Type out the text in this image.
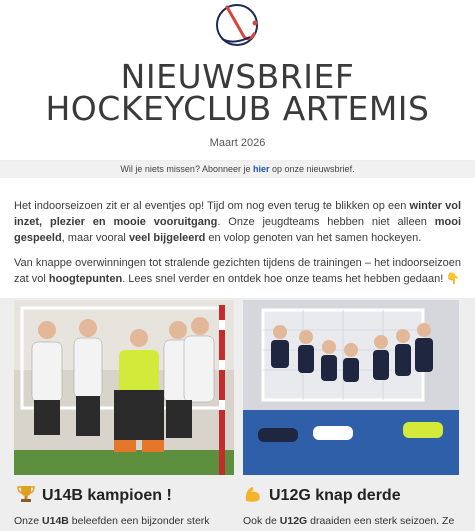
NIEUWSBRIEF
HOCKEYCLUB ARTEMIS
Maart 2026
Wil je niets missen? Abonneer je hier op onze nieuwsbrief.

Het indoorseizoen zit er al eventjes op! Tijd om nog even terug te blikken op een winter vol inzet, plezier en mooie vooruitgang. Onze jeugdteams hebben niet alleen mooi gespeeld, maar vooral veel bijgeleerd en volop genoten van het samen hockeyen.

Van knappe overwinningen tot stralende gezichten tijdens de trainingen – het indoorseizoen zat vol hoogtepunten. Lees snel verder en ontdek hoe onze teams het hebben gedaan! 👇

U14B kampioen !	U12G knap derde
Onze U14B beleefden een bijzonder sterk	Ook de U12G draaiden een sterk seizoen. Ze
